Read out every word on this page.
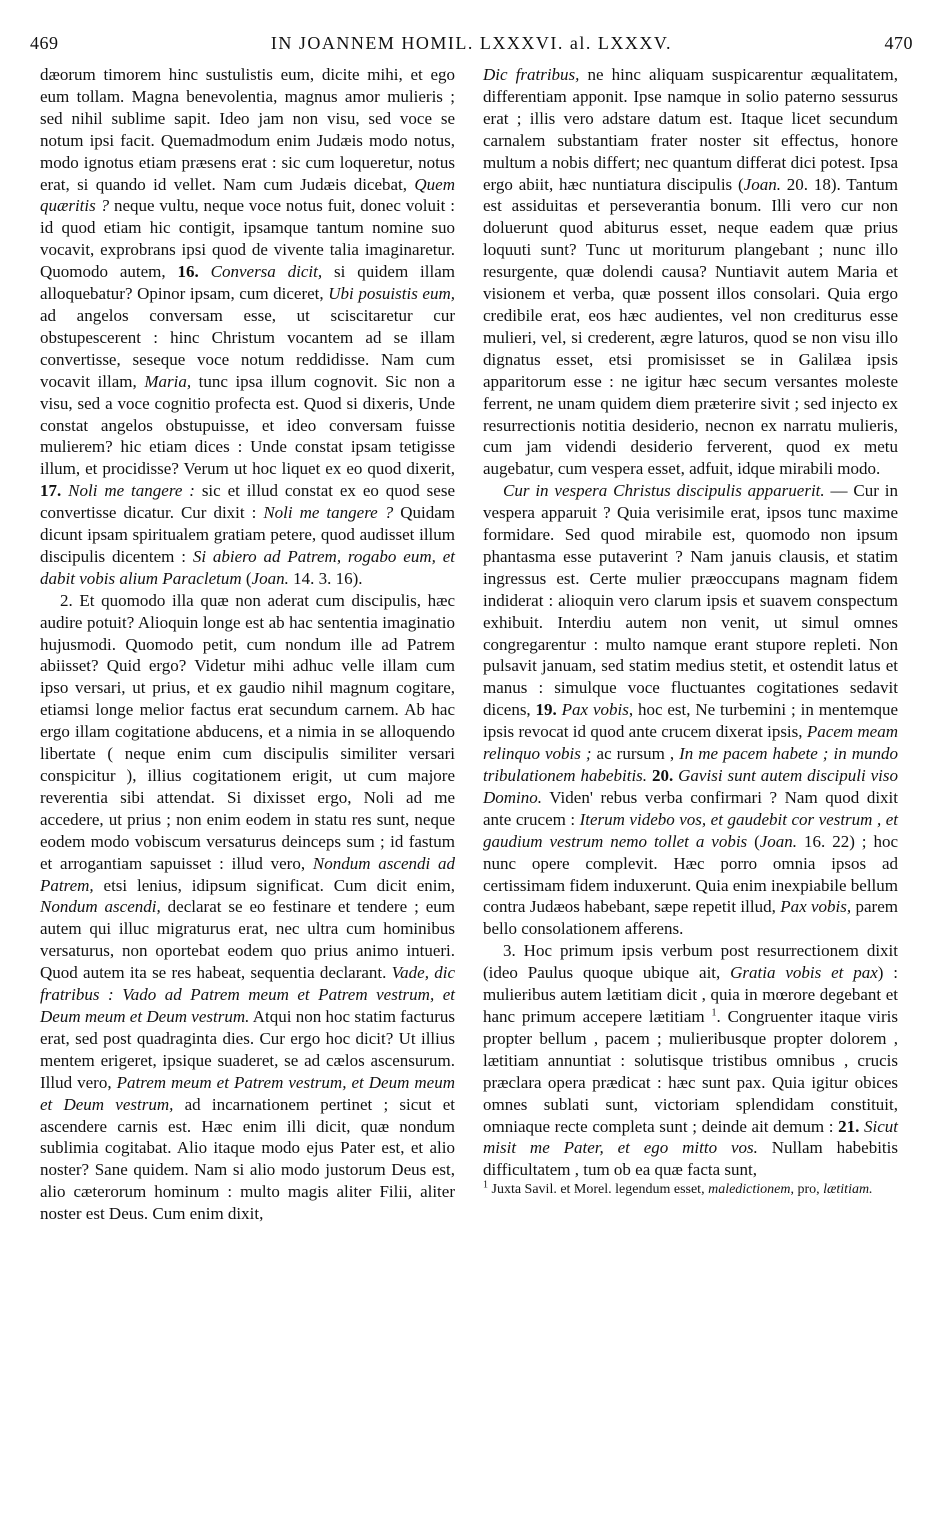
469	IN JOANNEM HOMIL. LXXXVI. al. LXXXV.	470

dæorum timorem hinc sustulistis eum, dicite mihi, et ego eum tollam. Magna benevolentia, magnus amor mulieris ; sed nihil sublime sapit. Ideo jam non visu, sed voce se notum ipsi facit. Quemadmodum enim Judæis modo notus, modo ignotus etiam præsens erat : sic cum loqueretur, notus erat, si quando id vellet. Nam cum Judæis dicebat, Quem quæritis ? neque vultu, neque voce notus fuit, donec voluit : id quod etiam hic contigit, ipsamque tantum nomine suo vocavit, exprobrans ipsi quod de vivente talia imaginaretur. Quomodo autem, 16. Conversa dicit, si quidem illam alloquebatur? Opinor ipsam, cum diceret, Ubi posuistis eum, ad angelos conversam esse, ut sciscitaretur cur obstupescerent : hinc Christum vocantem ad se illam convertisse, seseque voce notum reddidisse. Nam cum vocavit illam, Maria, tunc ipsa illum cognovit. Sic non a visu, sed a voce cognitio profecta est. Quod si dixeris, Unde constat angelos obstupuisse, et ideo conversam fuisse mulierem? hic etiam dices : Unde constat ipsam tetigisse illum, et procidisse? Verum ut hoc liquet ex eo quod dixerit, 17. Noli me tangere : sic et illud constat ex eo quod sese convertisse dicatur. Cur dixit : Noli me tangere ? Quidam dicunt ipsam spiritualem gratiam petere, quod audisset illum discipulis dicentem : Si abiero ad Patrem, rogabo eum, et dabit vobis alium Paracletum (Joan. 14. 3. 16).

2. Et quomodo illa quæ non aderat cum discipulis, hæc audire potuit? Alioquin longe est ab hac sententia imaginatio hujusmodi. Quomodo petit, cum nondum ille ad Patrem abiisset? Quid ergo? Videtur mihi adhuc velle illam cum ipso versari, ut prius, et ex gaudio nihil magnum cogitare, etiamsi longe melior factus erat secundum carnem. Ab hac ergo illam cogitatione abducens, et a nimia in se alloquendo libertate ( neque enim cum discipulis similiter versari conspicitur ), illius cogitationem erigit, ut cum majore reverentia sibi attendat. Si dixisset ergo, Noli ad me accedere, ut prius ; non enim eodem in statu res sunt, neque eodem modo vobiscum versaturus deinceps sum ; id fastum et arrogantiam sapuisset : illud vero, Nondum ascendi ad Patrem, etsi lenius, idipsum significat. Cum dicit enim, Nondum ascendi, declarat se eo festinare et tendere ; eum autem qui illuc migraturus erat, nec ultra cum hominibus versaturus, non oportebat eodem quo prius animo intueri. Quod autem ita se res habeat, sequentia declarant. Vade, dic fratribus : Vado ad Patrem meum et Patrem vestrum, et Deum meum et Deum vestrum. Atqui non hoc statim facturus erat, sed post quadraginta dies. Cur ergo hoc dicit? Ut illius mentem erigeret, ipsique suaderet, se ad cælos ascensurum. Illud vero, Patrem meum et Patrem vestrum, et Deum meum et Deum vestrum, ad incarnationem pertinet ; sicut et ascendere carnis est. Hæc enim illi dicit, quæ nondum sublimia cogitabat. Alio itaque modo ejus Pater est, et alio noster? Sane quidem. Nam si alio modo justorum Deus est, alio cæterorum hominum : multo magis aliter Filii, aliter noster est Deus. Cum enim dixit,

Dic fratribus, ne hinc aliquam suspicarentur æqualitatem, differentiam apponit. Ipse namque in solio paterno sessurus erat ; illis vero adstare datum est. Itaque licet secundum carnalem substantiam frater noster sit effectus, honore multum a nobis differt; nec quantum differat dici potest. Ipsa ergo abiit, hæc nuntiatura discipulis (Joan. 20. 18). Tantum est assiduitas et perseverantia bonum. Illi vero cur non doluerunt quod abiturus esset, neque eadem quæ prius loquuti sunt? Tunc ut moriturum plangebant ; nunc illo resurgente, quæ dolendi causa? Nuntiavit autem Maria et visionem et verba, quæ possent illos consolari. Quia ergo credibile erat, eos hæc audientes, vel non crediturus esse mulieri, vel, si crederent, ægre laturos, quod se non visu illo dignatus esset, etsi promisisset se in Galilæa ipsis apparitorum esse : ne igitur hæc secum versantes moleste ferrent, ne unam quidem diem præterire sivit ; sed injecto ex resurrectionis notitia desiderio, necnon ex narratu mulieris, cum jam videndi desiderio ferverent, quod ex metu augebatur, cum vespera esset, adfuit, idque mirabili modo.

Cur in vespera Christus discipulis apparuerit. — Cur in vespera apparuit ? Quia verisimile erat, ipsos tunc maxime formidare. Sed quod mirabile est, quomodo non ipsum phantasma esse putaverint ? Nam januis clausis, et statim ingressus est. Certe mulier præoccupans magnam fidem indiderat : alioquin vero clarum ipsis et suavem conspectum exhibuit. Interdiu autem non venit, ut simul omnes congregarentur : multo namque erant stupore repleti. Non pulsavit januam, sed statim medius stetit, et ostendit latus et manus : simulque voce fluctuantes cogitationes sedavit dicens, 19. Pax vobis, hoc est, Ne turbemini ; in mentemque ipsis revocat id quod ante crucem dixerat ipsis, Pacem meam relinquo vobis ; ac rursum , In me pacem habete ; in mundo tribulationem habebitis. 20. Gavisi sunt autem discipuli viso Domino. Viden' rebus verba confirmari ? Nam quod dixit ante crucem : Iterum videbo vos, et gaudebit cor vestrum , et gaudium vestrum nemo tollet a vobis (Joan. 16. 22) ; hoc nunc opere complevit. Hæc porro omnia ipsos ad certissimam fidem induxerunt. Quia enim inexpiabile bellum contra Judæos habebant, sæpe repetit illud, Pax vobis, parem bello consolationem afferens.

3. Hoc primum ipsis verbum post resurrectionem dixit (ideo Paulus quoque ubique ait, Gratia vobis et pax) : mulieribus autem lætitiam dicit , quia in mœrore degebant et hanc primum accepere lætitiam $^1$. Congruenter itaque viris propter bellum , pacem ; mulieribusque propter dolorem , lætitiam annuntiat : solutisque tristibus omnibus , crucis præclara opera prædicat : hæc sunt pax. Quia igitur obices omnes sublati sunt, victoriam splendidam constituit, omniaque recte completa sunt ; deinde ait demum : 21. Sicut misit me Pater, et ego mitto vos. Nullam habebitis difficultatem , tum ob ea quæ facta sunt,

$^1$ Juxta Savil. et Morel. legendum esset, maledictionem, pro, lætitiam.
